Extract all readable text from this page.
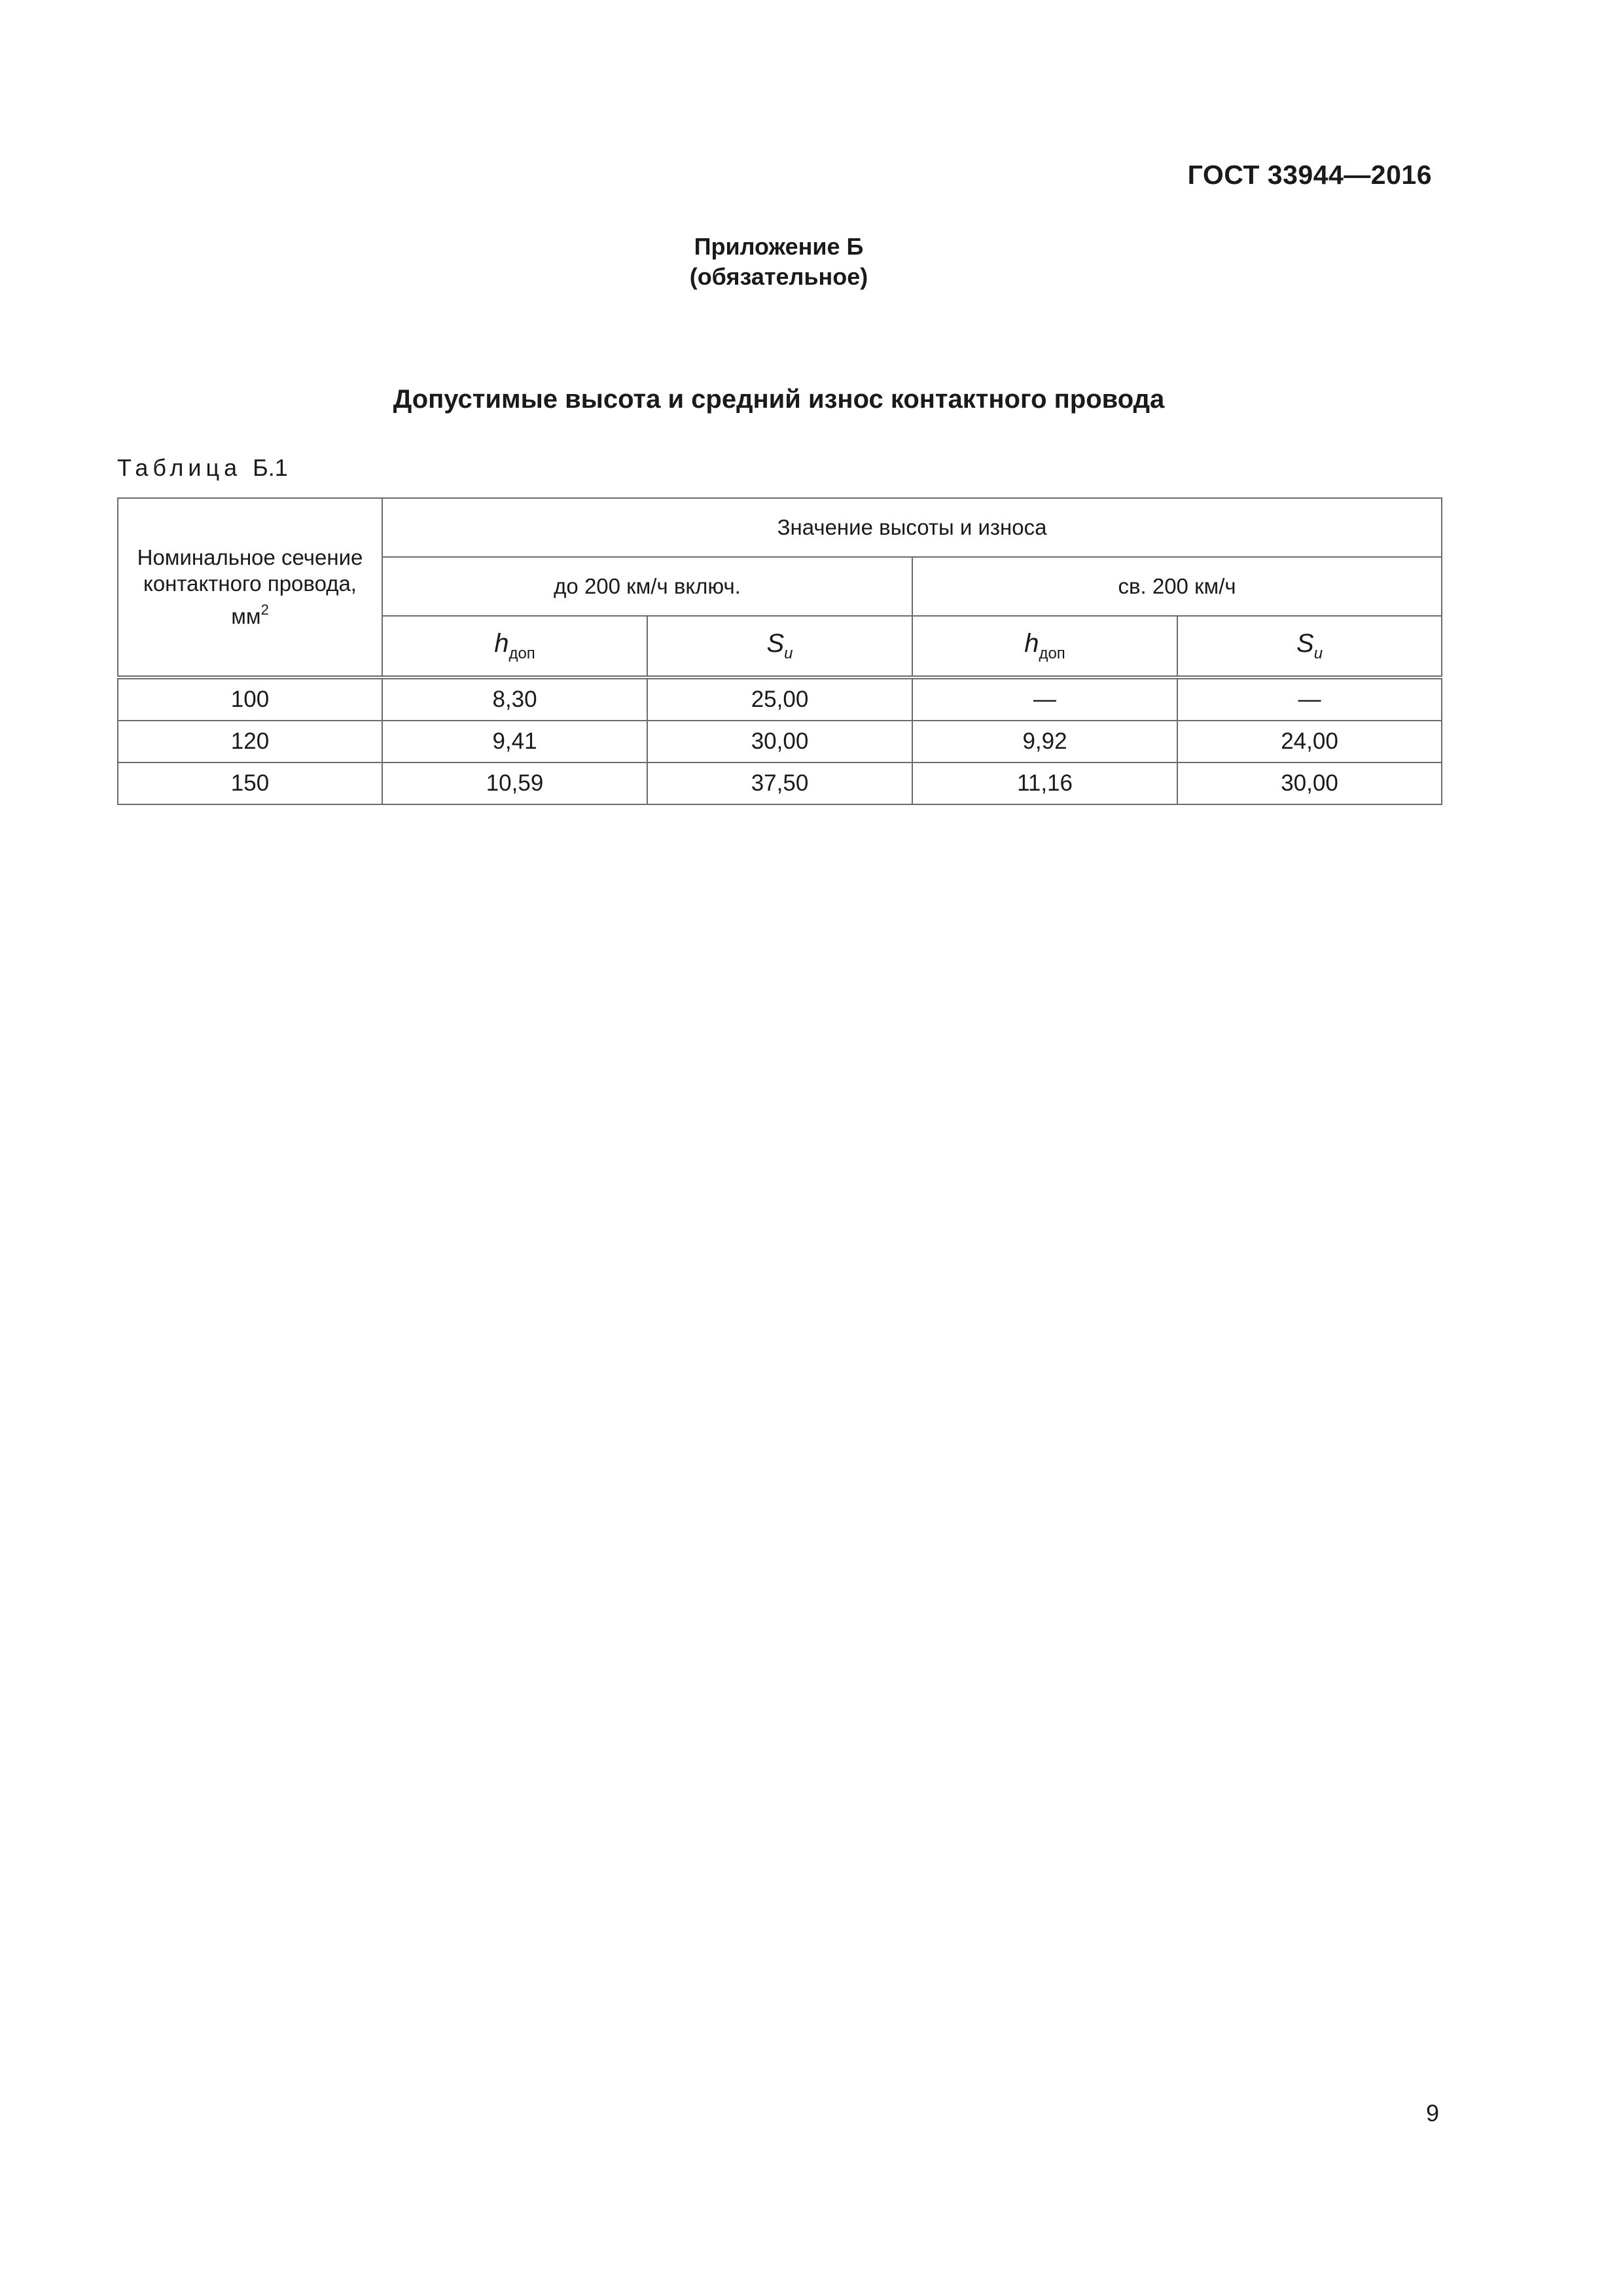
ГОСТ 33944—2016
Приложение Б
(обязательное)
Допустимые высота и средний износ контактного провода
Таблица Б.1
Номинальное сечение
контактного провода,
$мм^2$	Значение высоты и износа			
	до 200 км/ч включ.		св. 200 км/ч	
	$h_{доп}$	$S_и$	$h_{доп}$	$S_и$
100	8,30	25,00	—	—
120	9,41	30,00	9,92	24,00
150	10,59	37,50	11,16	30,00
9
